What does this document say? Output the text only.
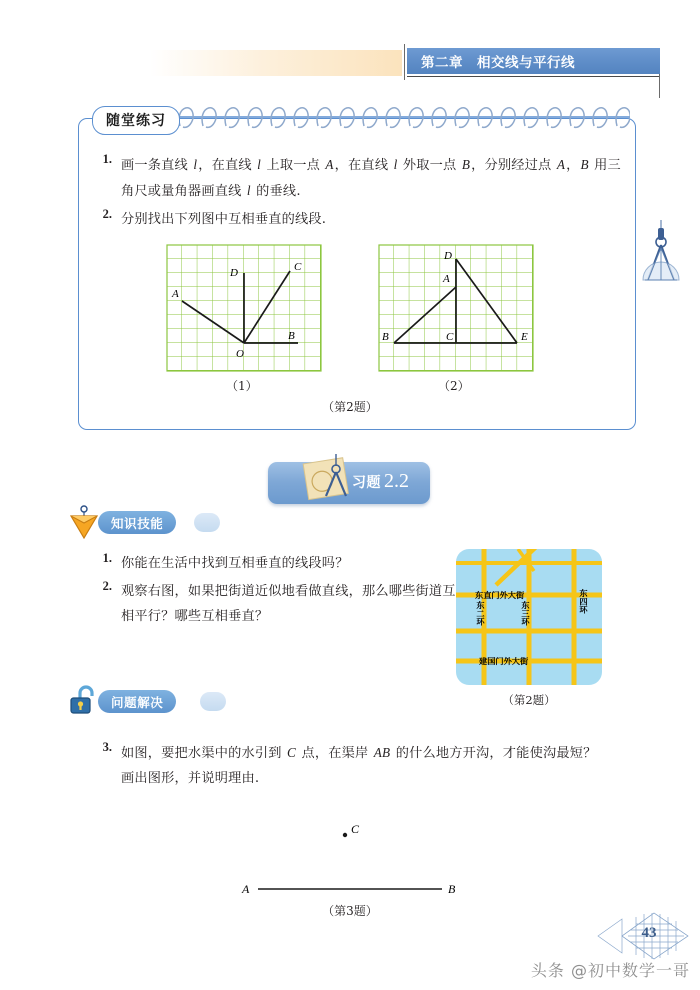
第二章　相交线与平行线
随堂练习
1. 画一条直线 l，在直线 l 上取一点 A，在直线 l 外取一点 B，分别经过点 A，B 用三角尺或量角器画直线 l 的垂线.
2. 分别找出下列图中互相垂直的线段.
A
B
C
D
O
（1）
D
A
B	C	E
（2）
（第2题）
习题 2.2
知识技能
1. 你能在生活中找到互相垂直的线段吗？
2. 观察右图，如果把街道近似地看做直线，那么哪些街道互相平行？哪些互相垂直？
东直门外大街
建国门外大街
东二环	东三环	东四环
（第2题）
问题解决
3. 如图，要把水渠中的水引到 C 点，在渠岸 AB 的什么地方开沟，才能使沟最短？画出图形，并说明理由.
C
A	B
（第3题）
43
头条 @初中数学一哥
